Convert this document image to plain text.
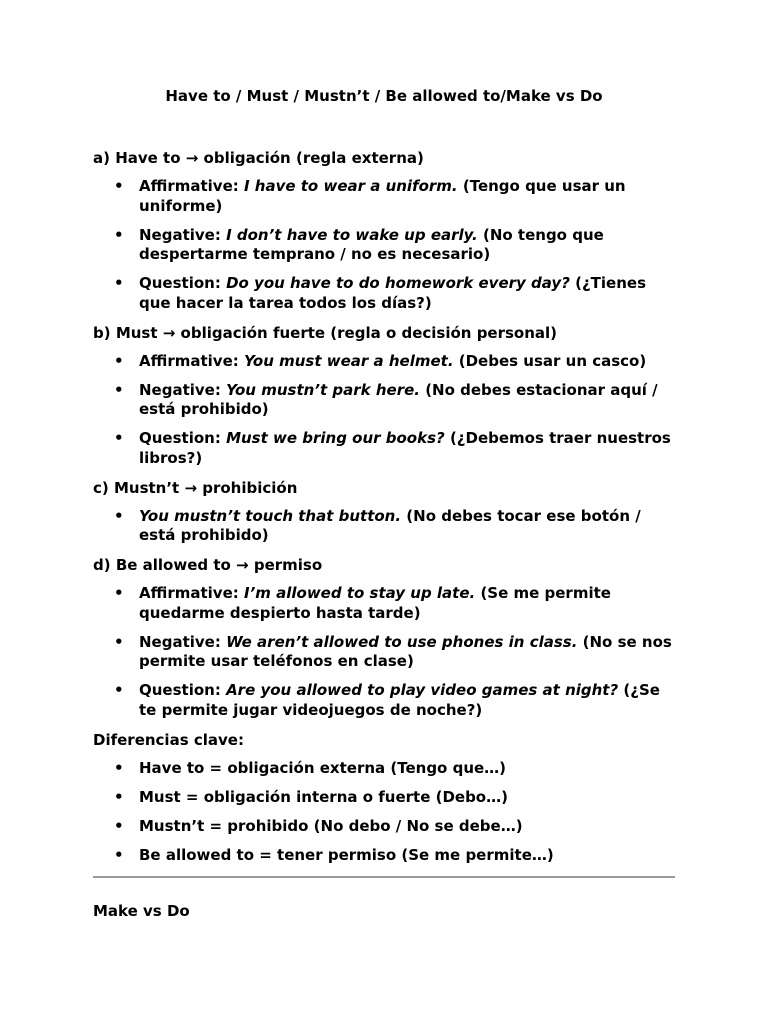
Have to / Must / Mustn’t / Be allowed to/Make vs Do

a) Have to → obligación (regla externa)

• Affirmative: I have to wear a uniform. (Tengo que usar un uniforme)
• Negative: I don’t have to wake up early. (No tengo que despertarme temprano / no es necesario)
• Question: Do you have to do homework every day? (¿Tienes que hacer la tarea todos los días?)

b) Must → obligación fuerte (regla o decisión personal)

• Affirmative: You must wear a helmet. (Debes usar un casco)
• Negative: You mustn’t park here. (No debes estacionar aquí / está prohibido)
• Question: Must we bring our books? (¿Debemos traer nuestros libros?)

c) Mustn’t → prohibición

• You mustn’t touch that button. (No debes tocar ese botón / está prohibido)

d) Be allowed to → permiso

• Affirmative: I’m allowed to stay up late. (Se me permite quedarme despierto hasta tarde)
• Negative: We aren’t allowed to use phones in class. (No se nos permite usar teléfonos en clase)
• Question: Are you allowed to play video games at night? (¿Se te permite jugar videojuegos de noche?)

Diferencias clave:

• Have to = obligación externa (Tengo que…)
• Must = obligación interna o fuerte (Debo…)
• Mustn’t = prohibido (No debo / No se debe…)
• Be allowed to = tener permiso (Se me permite…)

Make vs Do
